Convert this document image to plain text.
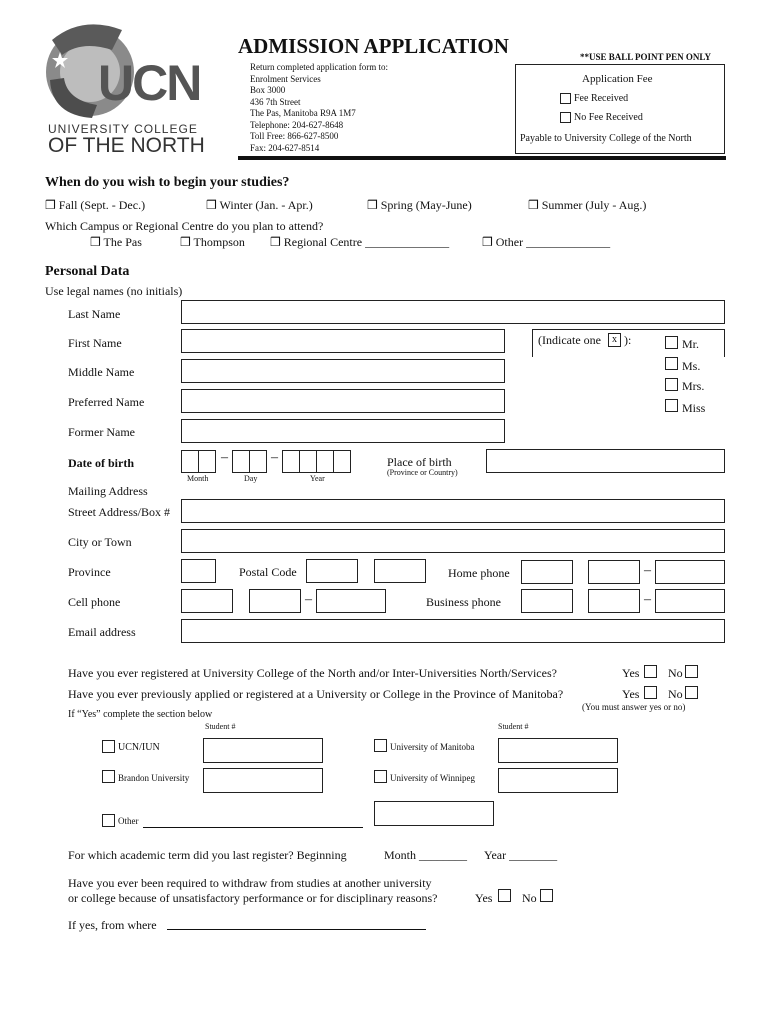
UCN
UNIVERSITY COLLEGE
OF THE NORTH
ADMISSION APPLICATION	**USE BALL POINT PEN ONLY
Return completed application form to:
Enrolment Services
Box 3000
436 7th Street
The Pas, Manitoba R9A 1M7
Telephone: 204-627-8648
Toll Free: 866-627-8500
Fax: 204-627-8514
Application Fee
Fee Received
No Fee Received
Payable to University College of the North
When do you wish to begin your studies?
❒ Fall (Sept. - Dec.)	❒ Winter (Jan. - Apr.)	❒ Spring (May-June)	❒ Summer (July - Aug.)
Which Campus or Regional Centre do you plan to attend?
❒ The Pas	❒ Thompson ❒ Regional Centre ______________	❒ Other ______________
Personal Data
Use legal names (no initials)
Last Name
First Name
Middle Name
Preferred Name
Former Name
(Indicate one	x ):	Mr.
Ms.
Mrs.
Miss
Date of birth	–	–
Month	Day	Year
Place of birth
(Province or Country)
Mailing Address
Street Address/Box #
City or Town
Province	Postal Code	Home phone	–
Cell phone	–	Business phone	–
Email address
Have you ever registered at University College of the North and/or Inter-Universities North/Services?	Yes No
Have you ever previously applied or registered at a University or College in the Province of Manitoba?	Yes No
(You must answer yes or no)
If “Yes” complete the section below
Student #	Student #
UCN/IUN	University of Manitoba
Brandon University	University of Winnipeg
Other
For which academic term did you last register? Beginning	Month ________ Year ________
Have you ever been required to withdraw from studies at another university
or college because of unsatisfactory performance or for disciplinary reasons?	Yes No
If yes, from where
